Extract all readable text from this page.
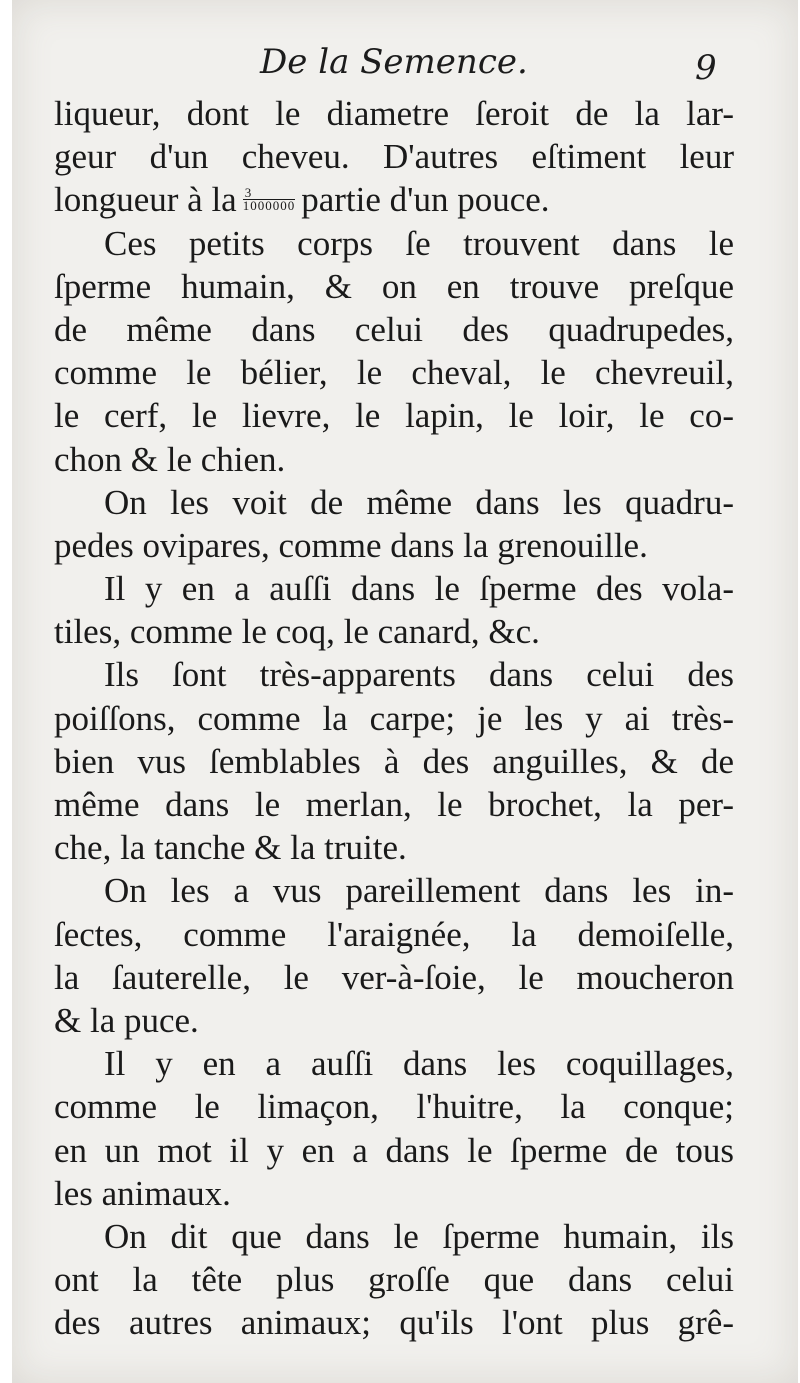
De la Semence.	9
liqueur, dont le diametre ſeroit de la lar-
geur d'un cheveu. D'autres eſtiment leur
longueur à la $\frac{3}{1000000}$ partie d'un pouce.
Ces petits corps ſe trouvent dans le
ſperme humain, & on en trouve preſque
de même dans celui des quadrupedes,
comme le bélier, le cheval, le chevreuil,
le cerf, le lievre, le lapin, le loir, le co-
chon & le chien.
On les voit de même dans les quadru-
pedes ovipares, comme dans la grenouille.
Il y en a auſſi dans le ſperme des vola-
tiles, comme le coq, le canard, &c.
Ils ſont très-apparents dans celui des
poiſſons, comme la carpe; je les y ai très-
bien vus ſemblables à des anguilles, & de
même dans le merlan, le brochet, la per-
che, la tanche & la truite.
On les a vus pareillement dans les in-
ſectes, comme l'araignée, la demoiſelle,
la ſauterelle, le ver-à-ſoie, le moucheron
& la puce.
Il y en a auſſi dans les coquillages,
comme le limaçon, l'huitre, la conque;
en un mot il y en a dans le ſperme de tous
les animaux.
On dit que dans le ſperme humain, ils
ont la tête plus groſſe que dans celui
des autres animaux; qu'ils l'ont plus grê-
